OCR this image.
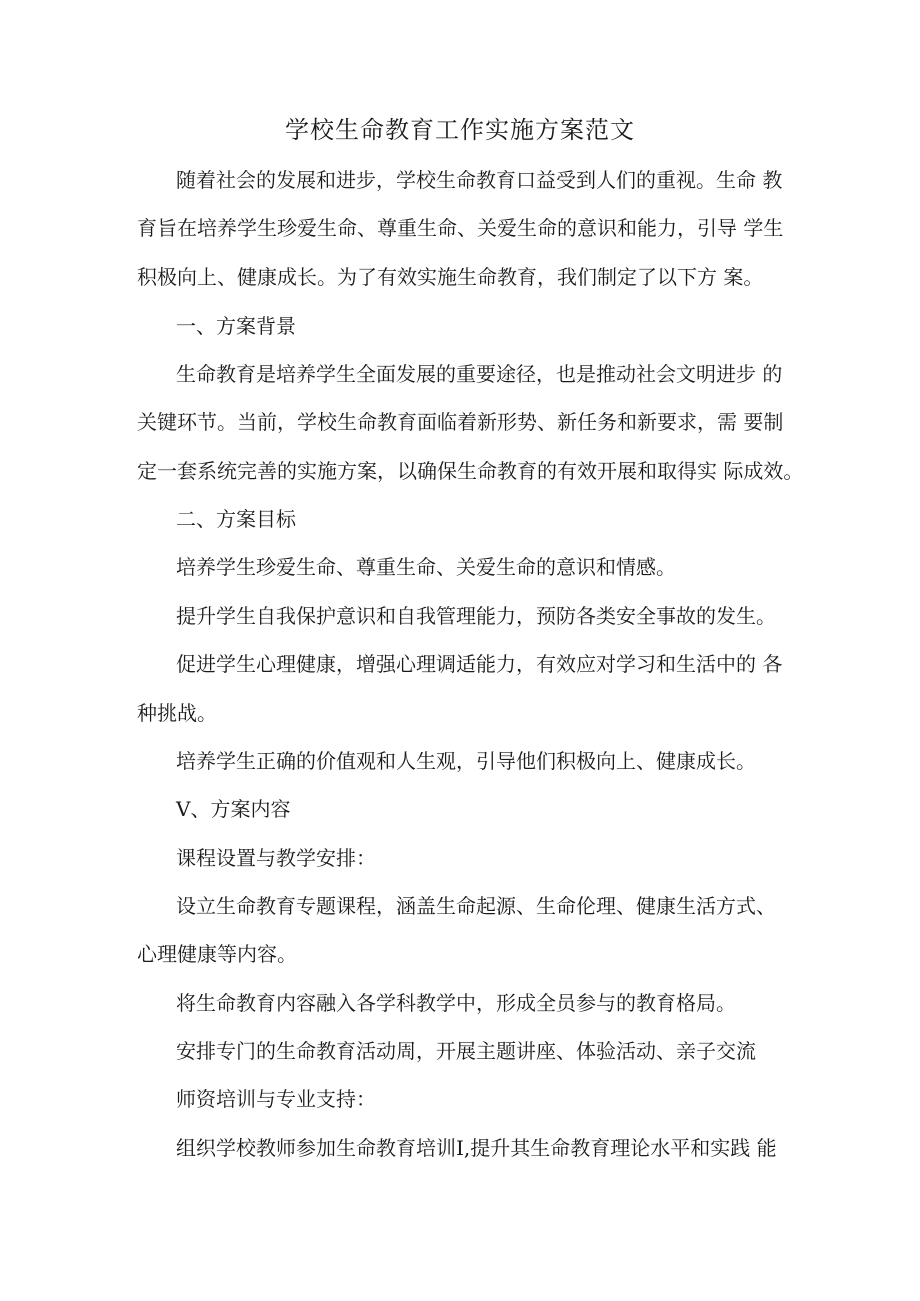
学校生命教育工作实施方案范文
随着社会的发展和进步，学校生命教育口益受到人们的重视。生命 教
育旨在培养学生珍爱生命、尊重生命、关爱生命的意识和能力，引导 学生
积极向上、健康成长。为了有效实施生命教育，我们制定了以下方 案。
一、方案背景
生命教育是培养学生全面发展的重要途径，也是推动社会文明进步 的
关键环节。当前，学校生命教育面临着新形势、新任务和新要求，需 要制
定一套系统完善的实施方案，以确保生命教育的有效开展和取得实 际成效。
二、方案目标
培养学生珍爱生命、尊重生命、关爱生命的意识和情感。
提升学生自我保护意识和自我管理能力，预防各类安全事故的发生。
促进学生心理健康，增强心理调适能力，有效应对学习和生活中的 各
种挑战。
培养学生正确的价值观和人生观，引导他们积极向上、健康成长。
V、方案内容
课程设置与教学安排：
设立生命教育专题课程，涵盖生命起源、生命伦理、健康生活方式、
心理健康等内容。
将生命教育内容融入各学科教学中，形成全员参与的教育格局。
安排专门的生命教育活动周，开展主题讲座、体验活动、亲子交流
师资培训与专业支持：
组织学校教师参加生命教育培训Ⅰ,提升其生命教育理论水平和实践 能
